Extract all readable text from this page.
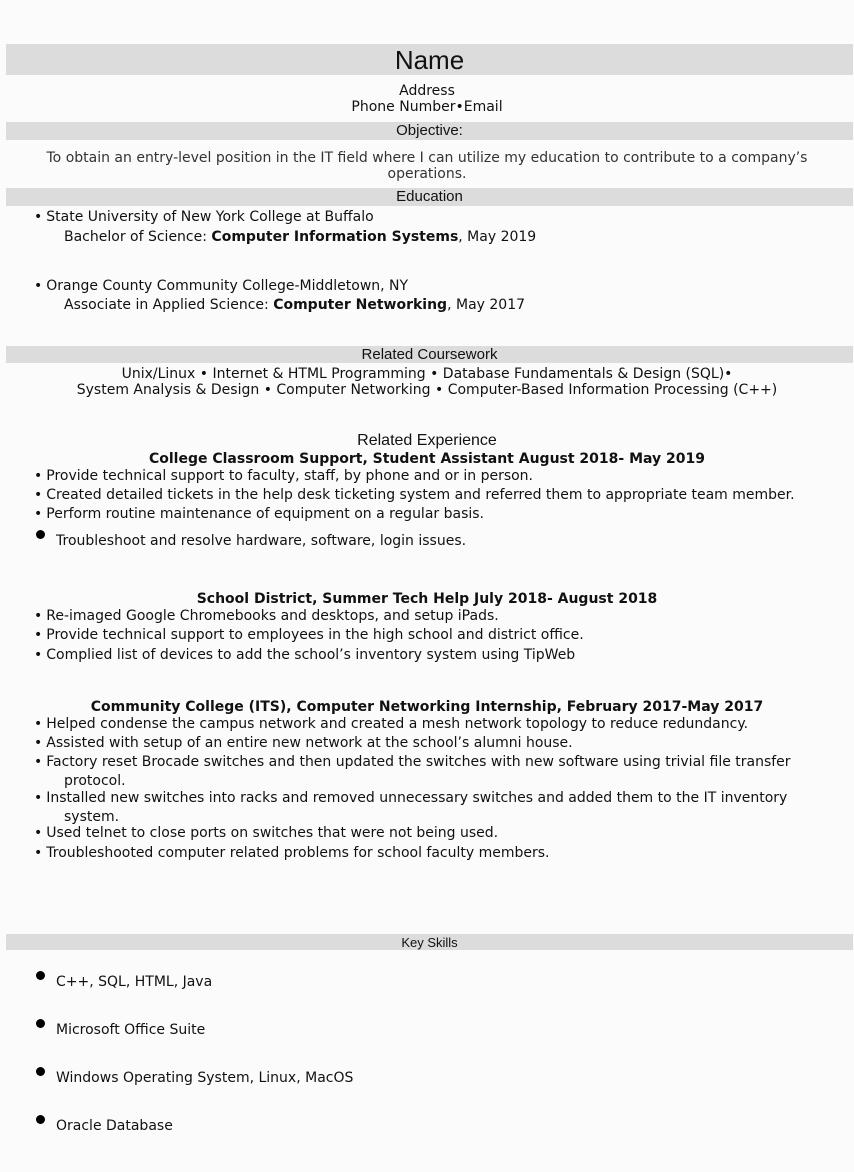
Name
Address
Phone Number•Email
Objective:
To obtain an entry-level position in the IT field where I can utilize my education to contribute to a company’s
operations.
Education
• State University of New York College at Buffalo
Bachelor of Science: Computer Information Systems, May 2019
• Orange County Community College-Middletown, NY
Associate in Applied Science: Computer Networking, May 2017
Related Coursework
Unix/Linux • Internet & HTML Programming • Database Fundamentals & Design (SQL)•
System Analysis & Design • Computer Networking • Computer-Based Information Processing (C++)
Related Experience
College Classroom Support, Student Assistant August 2018- May 2019
• Provide technical support to faculty, staff, by phone and or in person.
• Created detailed tickets in the help desk ticketing system and referred them to appropriate team member.
• Perform routine maintenance of equipment on a regular basis.
Troubleshoot and resolve hardware, software, login issues.
School District, Summer Tech Help July 2018- August 2018
• Re-imaged Google Chromebooks and desktops, and setup iPads.
• Provide technical support to employees in the high school and district office.
• Complied list of devices to add the school’s inventory system using TipWeb
Community College (ITS), Computer Networking Internship, February 2017-May 2017
• Helped condense the campus network and created a mesh network topology to reduce redundancy.
• Assisted with setup of an entire new network at the school’s alumni house.
• Factory reset Brocade switches and then updated the switches with new software using trivial file transfer
protocol.
• Installed new switches into racks and removed unnecessary switches and added them to the IT inventory
system.
• Used telnet to close ports on switches that were not being used.
• Troubleshooted computer related problems for school faculty members.
Key Skills
C++, SQL, HTML, Java
Microsoft Office Suite
Windows Operating System, Linux, MacOS
Oracle Database
